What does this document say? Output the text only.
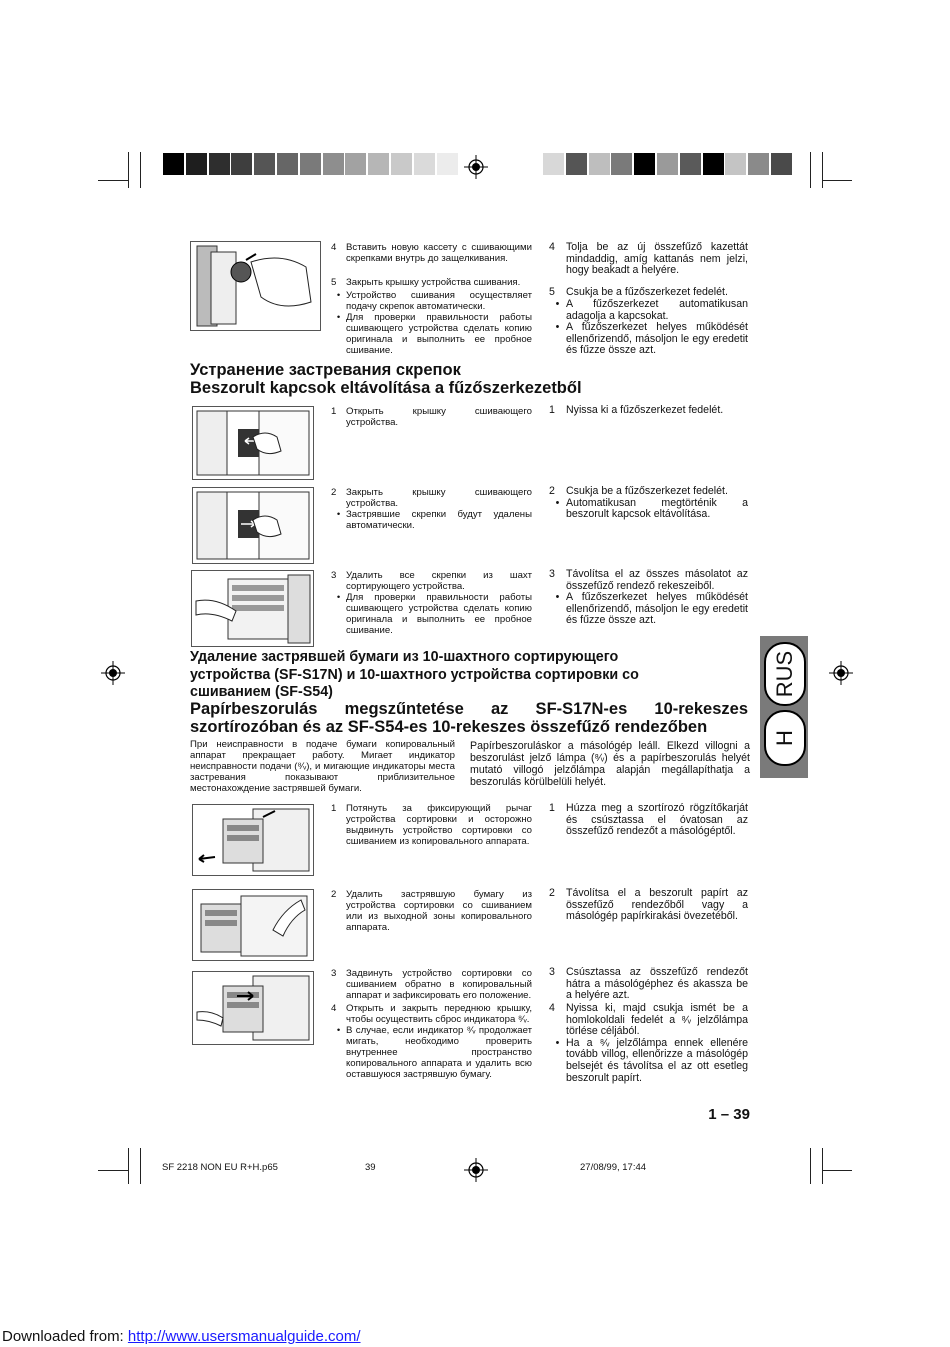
RUS
H
4 Вставить новую кассету с сшивающими скрепками внутрь до защелкивания.
5 Закрыть крышку устройства сшивания.
• Устройство сшивания осуществляет подачу скрепок автоматически.
• Для проверки правильности работы сшивающего устройства сделать копию оригинала и выполнить ее пробное сшивание.
4 Tolja be az új összefűző kazettát mindaddig, amíg kattanás nem jelzi, hogy beakadt a helyére.
5 Csukja be a fűzőszerkezet fedelét.
• A fűzőszerkezet automatikusan adagolja a kapcsokat.
• A fűzőszerkezet helyes működését ellenőrizendő, másoljon le egy eredetit és fűzze össze azt.
Устранение застревания скрепок
Beszorult kapcsok eltávolítása a fűzőszerkezetből
1 Открыть крышку сшивающего устройства.
2 Закрыть крышку сшивающего устройства.
• Застрявшие скрепки будут удалены автоматически.
3 Удалить все скрепки из шахт сортирующего устройства.
• Для проверки правильности работы сшивающего устройства сделать копию оригинала и выполнить ее пробное сшивание.
1 Nyissa ki a fűzőszerkezet fedelét.
2 Csukja be a fűzőszerkezet fedelét.
• Automatikusan megtörténik a beszorult kapcsok eltávolítása.
3 Távolítsa el az összes másolatot az összefűző rendező rekeszeiből.
• A fűzőszerkezet helyes működését ellenőrizendő, másoljon le egy eredetit és fűzze össze azt.
Удаление застрявшей бумаги из 10-шахтного сортирующего
устройства (SF-S17N) и 10-шахтного устройства сортировки со
сшиванием (SF-S54)
Papírbeszorulás megszűntetése az SF-S17N-es 10-rekeszes
szortírozóban és az SF-S54-es 10-rekeszes összefűző rendezőben
При неисправности в подаче бумаги копировальный аппарат прекращает работу. Мигает индикатор неисправности подачи (⁸∕ᵥ), и мигающие индикаторы места застревания показывают приблизительное местонахождение застрявшей бумаги.
Papírbeszoruláskor a másológép leáll. Elkezd villogni a beszorulást jelző lámpa (⁸∕ᵥ) és a papírbeszorulás helyét mutató villogó jelzőlámpa alapján megállapíthatja a beszorulás körülbelüli helyét.
1 Потянуть за фиксирующий рычаг устройства сортировки и осторожно выдвинуть устройство сортировки со сшиванием из копировального аппарата.
2 Удалить застрявшую бумагу из устройства сортировки со сшиванием или из выходной зоны копировального аппарата.
3 Задвинуть устройство сортировки со сшиванием обратно в копировальный аппарат и зафиксировать его положение.
4 Открыть и закрыть переднюю крышку, чтобы осуществить сброс индикатора ⁸∕ᵥ.
• В случае, если индикатор ⁸∕ᵥ продолжает мигать, необходимо проверить внутреннее пространство копировального аппарата и удалить всю оставшуюся застрявшую бумагу.
1 Húzza meg a szortírozó rögzítőkarját és csúsztassa el óvatosan az összefűző rendezőt a másológéptől.
2 Távolítsa el a beszorult papírt az összefűző rendezőből vagy a másológép papírkirakási övezetéből.
3 Csúsztassa az összefűző rendezőt hátra a másológéphez és akassza be a helyére azt.
4 Nyissa ki, majd csukja ismét be a homlokoldali fedelét a ⁸∕ᵥ jelzőlámpa törlése céljából.
• Ha a ⁸∕ᵥ jelzőlámpa ennek ellenére tovább villog, ellenőrizze a másológép belsejét és távolítsa el az ott esetleg beszorult papírt.
1 – 39
SF 2218 NON EU R+H.p65	39	27/08/99, 17:44
Downloaded from: http://www.usersmanualguide.com/
